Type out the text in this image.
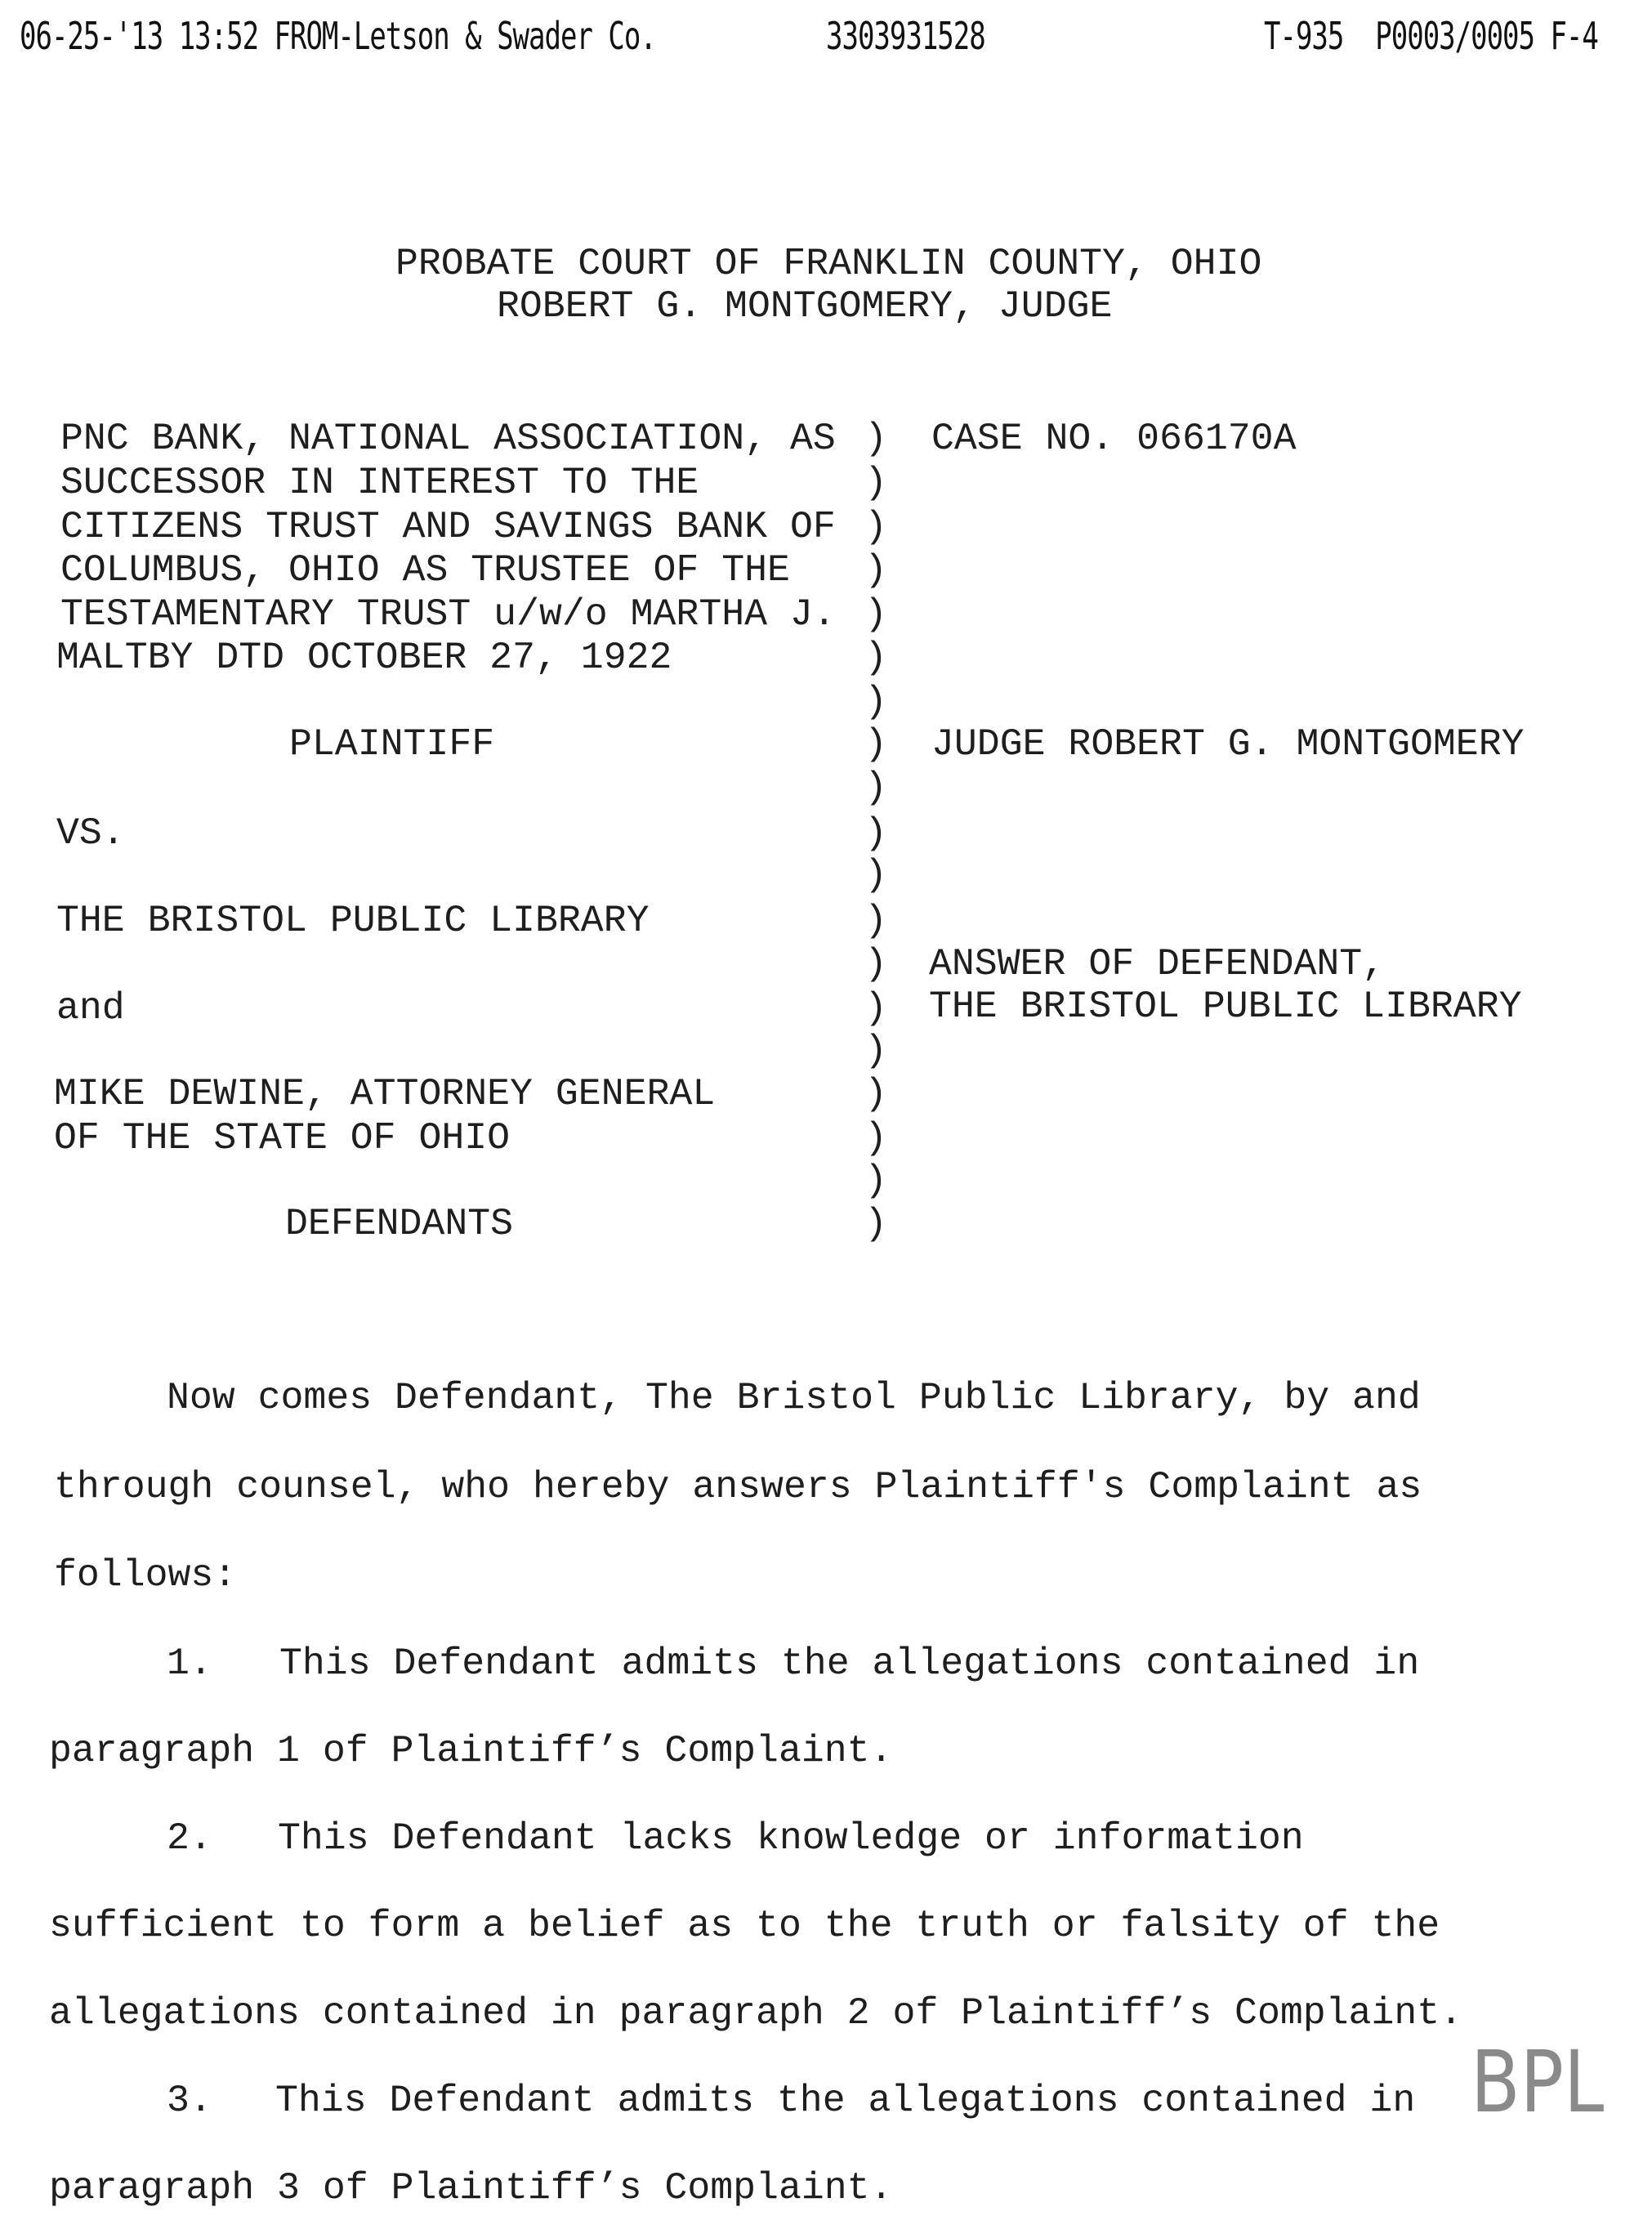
06-25-'13 13:52 FROM-Letson & Swader Co.	3303931528	T-935  P0003/0005 F-4
PROBATE COURT OF FRANKLIN COUNTY, OHIO
ROBERT G. MONTGOMERY, JUDGE
PNC BANK, NATIONAL ASSOCIATION, AS
SUCCESSOR IN INTEREST TO THE
CITIZENS TRUST AND SAVINGS BANK OF
COLUMBUS, OHIO AS TRUSTEE OF THE
TESTAMENTARY TRUST u/w/o MARTHA J.
MALTBY DTD OCTOBER 27, 1922
PLAINTIFF
VS.
THE BRISTOL PUBLIC LIBRARY
and
MIKE DEWINE, ATTORNEY GENERAL
OF THE STATE OF OHIO
DEFENDANTS
)
)
)
)
)
)
)
)
)
)
)
)
)
)
)
)
)
)
)
CASE NO. 066170A
JUDGE ROBERT G. MONTGOMERY
ANSWER OF DEFENDANT,
THE BRISTOL PUBLIC LIBRARY
Now comes Defendant, The Bristol Public Library, by and
through counsel, who hereby answers Plaintiff's Complaint as
follows:
1. This Defendant admits the allegations contained in
paragraph 1 of Plaintiff’s Complaint.
2. This Defendant lacks knowledge or information
sufficient to form a belief as to the truth or falsity of the
allegations contained in paragraph 2 of Plaintiff’s Complaint.
3. This Defendant admits the allegations contained in
paragraph 3 of Plaintiff’s Complaint.
BPL
